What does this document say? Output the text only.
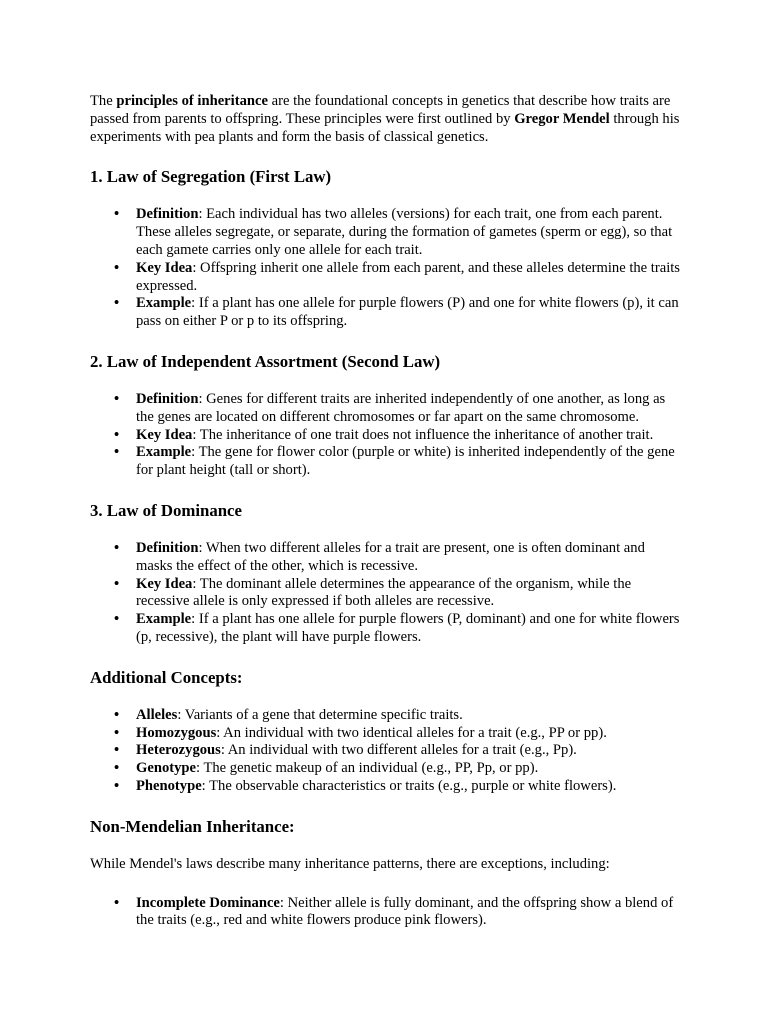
The principles of inheritance are the foundational concepts in genetics that describe how traits are passed from parents to offspring. These principles were first outlined by Gregor Mendel through his experiments with pea plants and form the basis of classical genetics.

1. Law of Segregation (First Law)
• Definition: Each individual has two alleles (versions) for each trait, one from each parent. These alleles segregate, or separate, during the formation of gametes (sperm or egg), so that each gamete carries only one allele for each trait.
• Key Idea: Offspring inherit one allele from each parent, and these alleles determine the traits expressed.
• Example: If a plant has one allele for purple flowers (P) and one for white flowers (p), it can pass on either P or p to its offspring.
2. Law of Independent Assortment (Second Law)
• Definition: Genes for different traits are inherited independently of one another, as long as the genes are located on different chromosomes or far apart on the same chromosome.
• Key Idea: The inheritance of one trait does not influence the inheritance of another trait.
• Example: The gene for flower color (purple or white) is inherited independently of the gene for plant height (tall or short).
3. Law of Dominance
• Definition: When two different alleles for a trait are present, one is often dominant and masks the effect of the other, which is recessive.
• Key Idea: The dominant allele determines the appearance of the organism, while the recessive allele is only expressed if both alleles are recessive.
• Example: If a plant has one allele for purple flowers (P, dominant) and one for white flowers (p, recessive), the plant will have purple flowers.
Additional Concepts:
• Alleles: Variants of a gene that determine specific traits.
• Homozygous: An individual with two identical alleles for a trait (e.g., PP or pp).
• Heterozygous: An individual with two different alleles for a trait (e.g., Pp).
• Genotype: The genetic makeup of an individual (e.g., PP, Pp, or pp).
• Phenotype: The observable characteristics or traits (e.g., purple or white flowers).
Non-Mendelian Inheritance:

While Mendel's laws describe many inheritance patterns, there are exceptions, including:

• Incomplete Dominance: Neither allele is fully dominant, and the offspring show a blend of the traits (e.g., red and white flowers produce pink flowers).
